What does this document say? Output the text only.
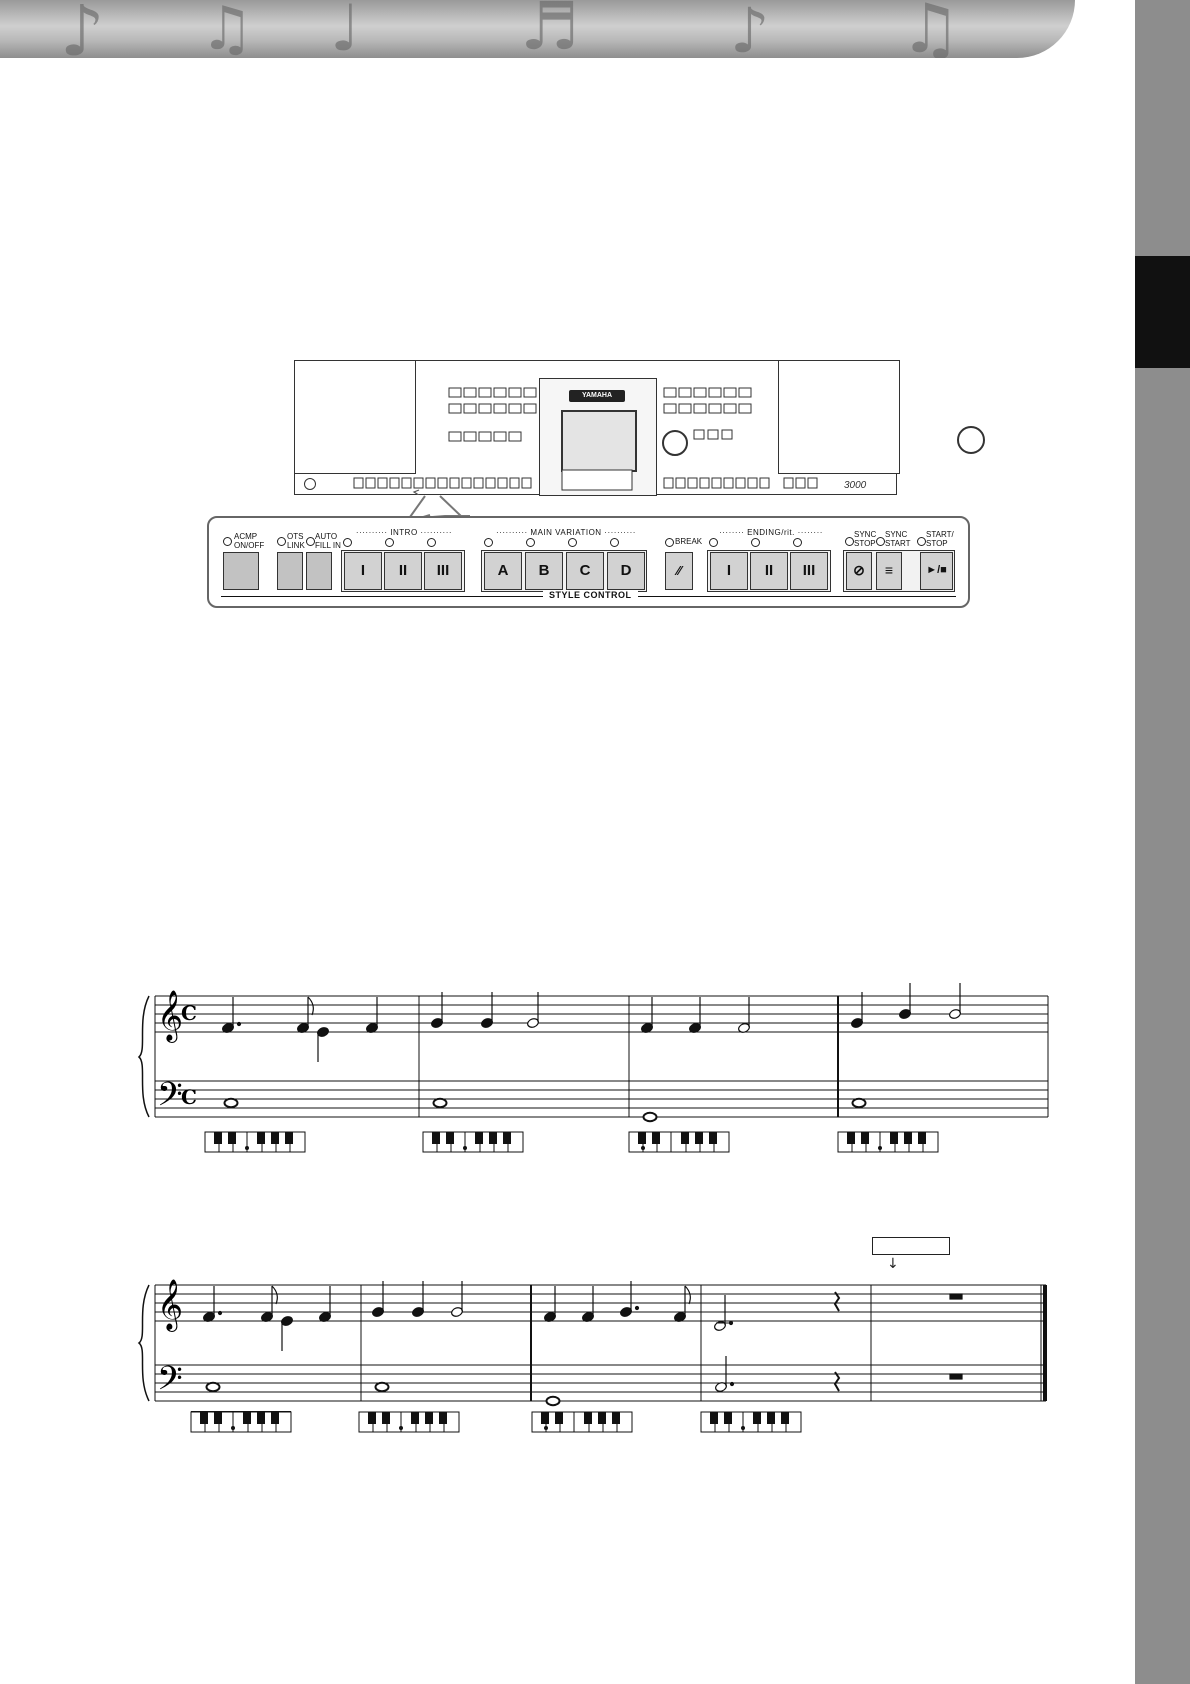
♪ ♫ ♩ ♬ ♪ ♫
YAMAHA
3000
ACMP ON/OFF
OTS LINK
AUTO FILL IN
·········· INTRO ··········
I	II	III
·········· MAIN VARIATION ··········
A	B	C	D
BREAK
⁄⁄
········ ENDING/rit. ········
I	II	III
SYNC STOP
SYNC START
START/ STOP
⊘	≡	►/■
STYLE CONTROL
𝄞
𝄢
C
C
↓
𝄞
𝄢
